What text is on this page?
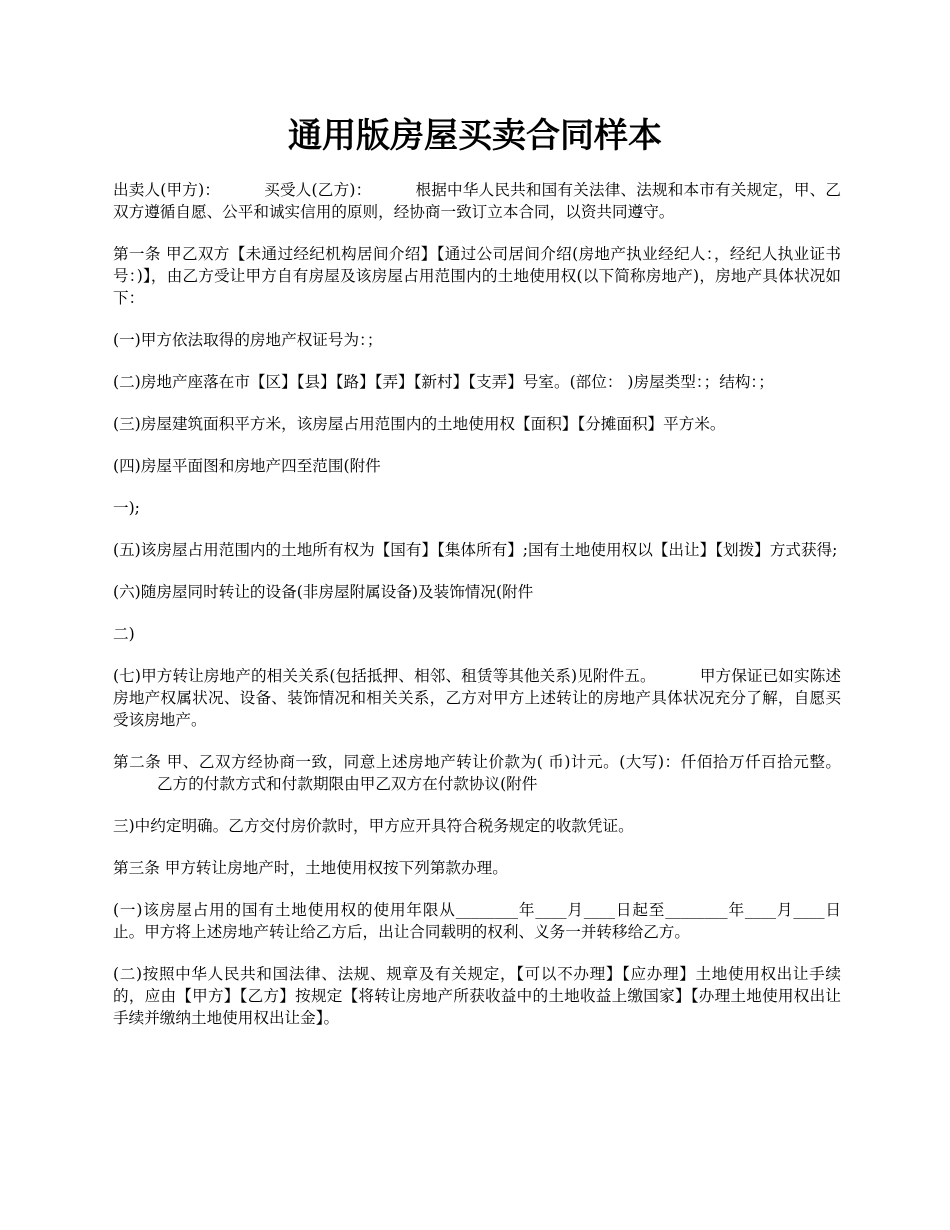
通用版房屋买卖合同样本

出卖人(甲方)：	买受人(乙方)：	根据中华人民共和国有关法律、法规和本市有关规定，甲、乙双方遵循自愿、公平和诚实信用的原则，经协商一致订立本合同，以资共同遵守。

第一条 甲乙双方【未通过经纪机构居间介绍】【通过公司居间介绍(房地产执业经纪人：，经纪人执业证书号：)】，由乙方受让甲方自有房屋及该房屋占用范围内的土地使用权(以下简称房地产)，房地产具体状况如下：

(一)甲方依法取得的房地产权证号为：；

(二)房地产座落在市【区】【县】【路】【弄】【新村】【支弄】号室。(部位： )房屋类型：；结构：；

(三)房屋建筑面积平方米，该房屋占用范围内的土地使用权【面积】【分摊面积】平方米。

(四)房屋平面图和房地产四至范围(附件

一);

(五)该房屋占用范围内的土地所有权为【国有】【集体所有】;国有土地使用权以【出让】【划拨】方式获得;

(六)随房屋同时转让的设备(非房屋附属设备)及装饰情况(附件

二)

(七)甲方转让房地产的相关关系(包括抵押、相邻、租赁等其他关系)见附件五。	甲方保证已如实陈述房地产权属状况、设备、装饰情况和相关关系，乙方对甲方上述转让的房地产具体状况充分了解，自愿买受该房地产。

第二条 甲、乙双方经协商一致，同意上述房地产转让价款为( 币)计元。(大写)：仟佰拾万仟百拾元整。乙方的付款方式和付款期限由甲乙双方在付款协议(附件

三)中约定明确。乙方交付房价款时，甲方应开具符合税务规定的收款凭证。

第三条 甲方转让房地产时，土地使用权按下列第款办理。

(一)该房屋占用的国有土地使用权的使用年限从________年____月____日起至________年____月____日止。甲方将上述房地产转让给乙方后，出让合同载明的权利、义务一并转移给乙方。

(二)按照中华人民共和国法律、法规、规章及有关规定，【可以不办理】【应办理】土地使用权出让手续的，应由【甲方】【乙方】按规定【将转让房地产所获收益中的土地收益上缴国家】【办理土地使用权出让手续并缴纳土地使用权出让金】。
